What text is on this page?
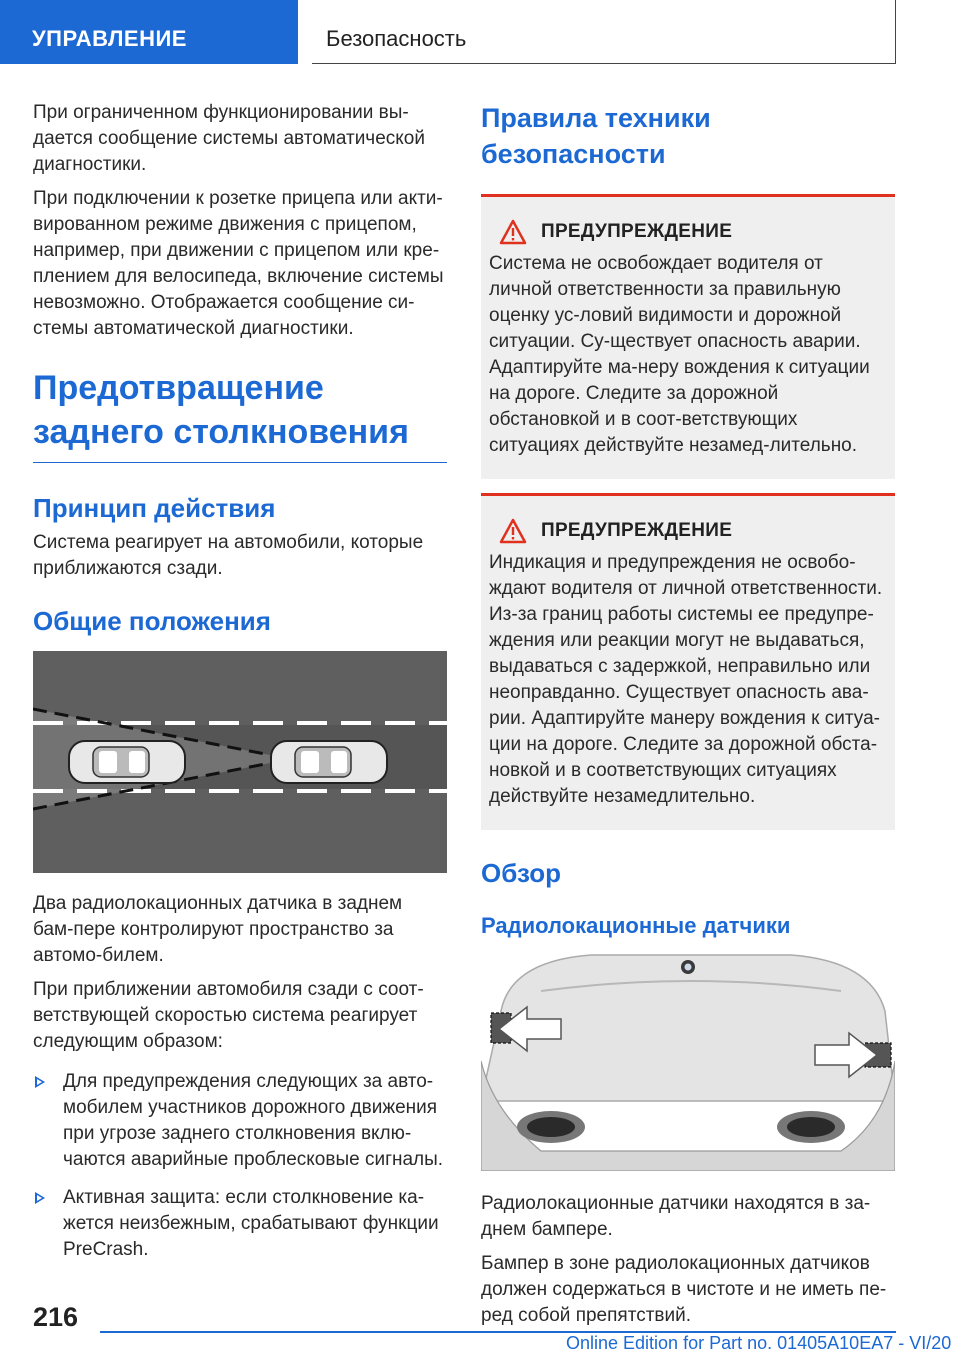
УПРАВЛЕНИЕ	Безопасность

При ограниченном функционировании вы-дается сообщение системы автоматической диагностики.

При подключении к розетке прицепа или акти-вированном режиме движения с прицепом, например, при движении с прицепом или кре-плением для велосипеда, включение системы невозможно. Отображается сообщение си-стемы автоматической диагностики.

Предотвращение заднего столкновения
Принцип действия

Система реагирует на автомобили, которые приближаются сзади.

Общие положения

Два радиолокационных датчика в заднем бам-пере контролируют пространство за автомо-билем.

При приближении автомобиля сзади с соот-ветствующей скоростью система реагирует следующим образом:

Для предупреждения следующих за авто-мобилем участников дорожного движения при угрозе заднего столкновения вклю-чаются аварийные проблесковые сигналы.
Активная защита: если столкновение ка-жется неизбежным, срабатывают функции PreCrash.
Правила техники безопасности
ПРЕДУПРЕЖДЕНИЕ

Система не освобождает водителя от личной ответственности за правильную оценку ус-ловий видимости и дорожной ситуации. Су-ществует опасность аварии. Адаптируйте ма-неру вождения к ситуации на дороге. Следите за дорожной обстановкой и в соот-ветствующих ситуациях действуйте незамед-лительно.

ПРЕДУПРЕЖДЕНИЕ

Индикация и предупреждения не освобо-ждают водителя от личной ответственности. Из-за границ работы системы ее предупре-ждения или реакции могут не выдаваться, выдаваться с задержкой, неправильно или неоправданно. Существует опасность ава-рии. Адаптируйте манеру вождения к ситуа-ции на дороге. Следите за дорожной обста-новкой и в соответствующих ситуациях действуйте незамедлительно.

Обзор
Радиолокационные датчики

Радиолокационные датчики находятся в за-днем бампере.

Бампер в зоне радиолокационных датчиков должен содержаться в чистоте и не иметь пе-ред собой препятствий.

216
Online Edition for Part no. 01405A10EA7 - VI/20
